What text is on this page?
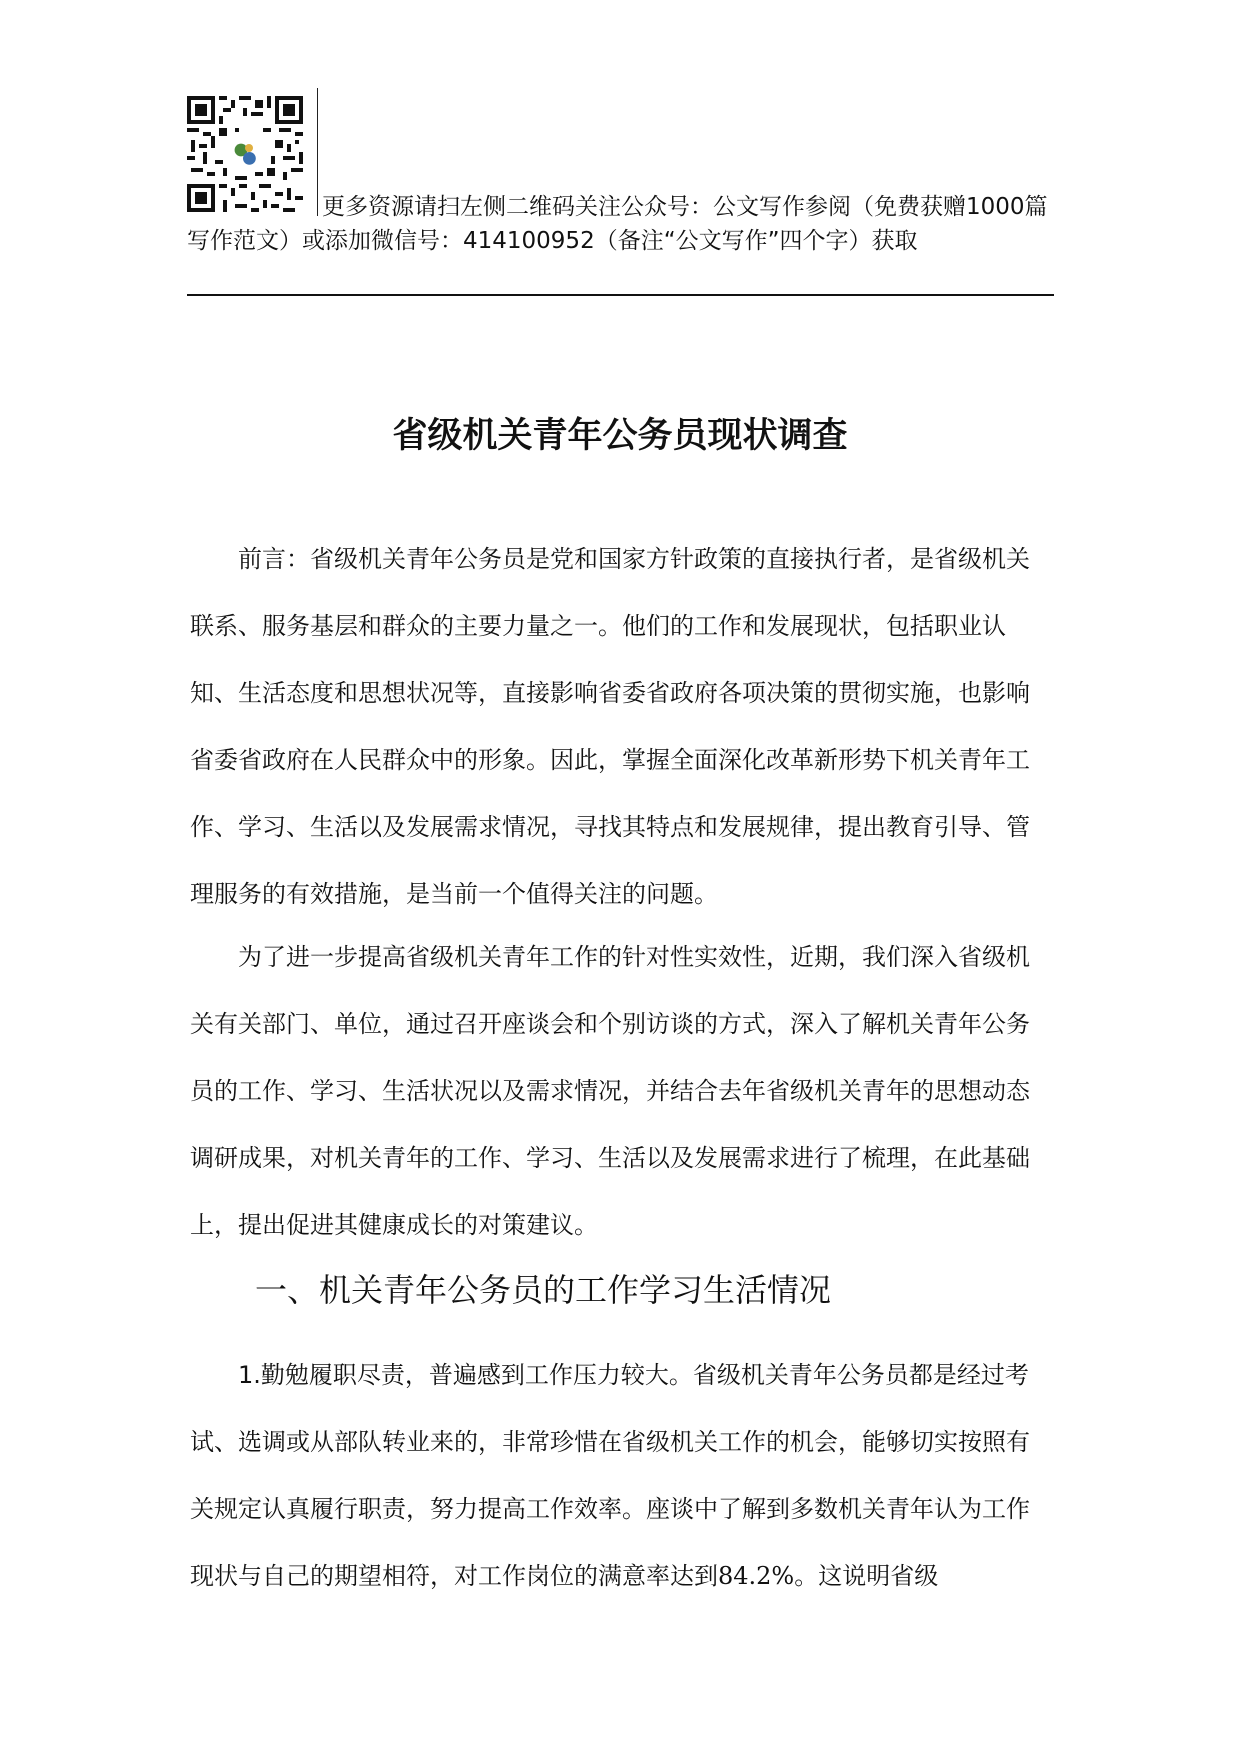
更多资源请扫左侧二维码关注公众号：公文写作参阅（免费获赠1000篇写作范文）或添加微信号：414100952（备注“公文写作”四个字）获取
省级机关青年公务员现状调查

前言：省级机关青年公务员是党和国家方针政策的直接执行者，是省级机关联系、服务基层和群众的主要力量之一。他们的工作和发展现状，包括职业认知、生活态度和思想状况等，直接影响省委省政府各项决策的贯彻实施，也影响省委省政府在人民群众中的形象。因此，掌握全面深化改革新形势下机关青年工作、学习、生活以及发展需求情况，寻找其特点和发展规律，提出教育引导、管理服务的有效措施，是当前一个值得关注的问题。

为了进一步提高省级机关青年工作的针对性实效性，近期，我们深入省级机关有关部门、单位，通过召开座谈会和个别访谈的方式，深入了解机关青年公务员的工作、学习、生活状况以及需求情况，并结合去年省级机关青年的思想动态调研成果，对机关青年的工作、学习、生活以及发展需求进行了梳理，在此基础上，提出促进其健康成长的对策建议。

一、机关青年公务员的工作学习生活情况

1.勤勉履职尽责，普遍感到工作压力较大。省级机关青年公务员都是经过考试、选调或从部队转业来的，非常珍惜在省级机关工作的机会，能够切实按照有关规定认真履行职责，努力提高工作效率。座谈中了解到多数机关青年认为工作现状与自己的期望相符，对工作岗位的满意率达到84.2%。这说明省级
